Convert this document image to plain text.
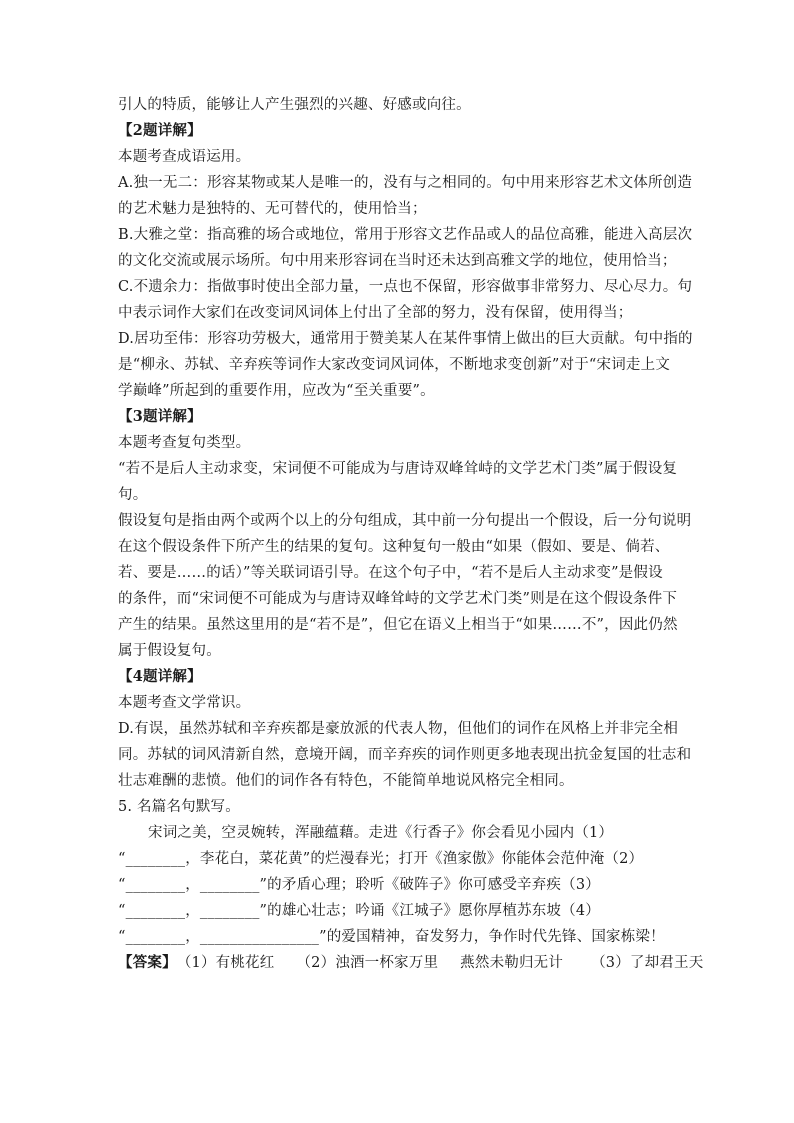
引人的特质，能够让人产生强烈的兴趣、好感或向往。
【2题详解】
本题考查成语运用。
A.独一无二：形容某物或某人是唯一的，没有与之相同的。句中用来形容艺术文体所创造
的艺术魅力是独特的、无可替代的，使用恰当；
B.大雅之堂：指高雅的场合或地位，常用于形容文艺作品或人的品位高雅，能进入高层次
的文化交流或展示场所。句中用来形容词在当时还未达到高雅文学的地位，使用恰当；
C.不遗余力：指做事时使出全部力量，一点也不保留，形容做事非常努力、尽心尽力。句
中表示词作大家们在改变词风词体上付出了全部的努力，没有保留，使用得当；
D.居功至伟：形容功劳极大，通常用于赞美某人在某件事情上做出的巨大贡献。句中指的
是“柳永、苏轼、辛弃疾等词作大家改变词风词体，不断地求变创新”对于“宋词走上文
学巅峰”所起到的重要作用，应改为“至关重要”。
【3题详解】
本题考查复句类型。
“若不是后人主动求变，宋词便不可能成为与唐诗双峰耸峙的文学艺术门类”属于假设复
句。
假设复句是指由两个或两个以上的分句组成，其中前一分句提出一个假设，后一分句说明
在这个假设条件下所产生的结果的复句。这种复句一般由“如果（假如、要是、倘若、
若、要是……的话）”等关联词语引导。在这个句子中，“若不是后人主动求变”是假设
的条件，而“宋词便不可能成为与唐诗双峰耸峙的文学艺术门类”则是在这个假设条件下
产生的结果。虽然这里用的是“若不是”，但它在语义上相当于“如果……不”，因此仍然
属于假设复句。
【4题详解】
本题考查文学常识。
D.有误，虽然苏轼和辛弃疾都是豪放派的代表人物，但他们的词作在风格上并非完全相
同。苏轼的词风清新自然，意境开阔，而辛弃疾的词作则更多地表现出抗金复国的壮志和
壮志难酬的悲愤。他们的词作各有特色，不能简单地说风格完全相同。
5. 名篇名句默写。
宋词之美，空灵婉转，浑融蕴藉。走进《行香子》你会看见小园内（1）
“________，李花白，菜花黄”的烂漫春光；打开《渔家傲》你能体会范仲淹（2）
“________，________”的矛盾心理；聆听《破阵子》你可感受辛弃疾（3）
“________，________”的雄心壮志；吟诵《江城子》愿你厚植苏东坡（4）
“________，________________”的爱国精神，奋发努力，争作时代先锋、国家栋梁！
【答案】（1）有桃花红 （2）浊酒一杯家万里 燕然未勒归无计 （3）了却君王天
